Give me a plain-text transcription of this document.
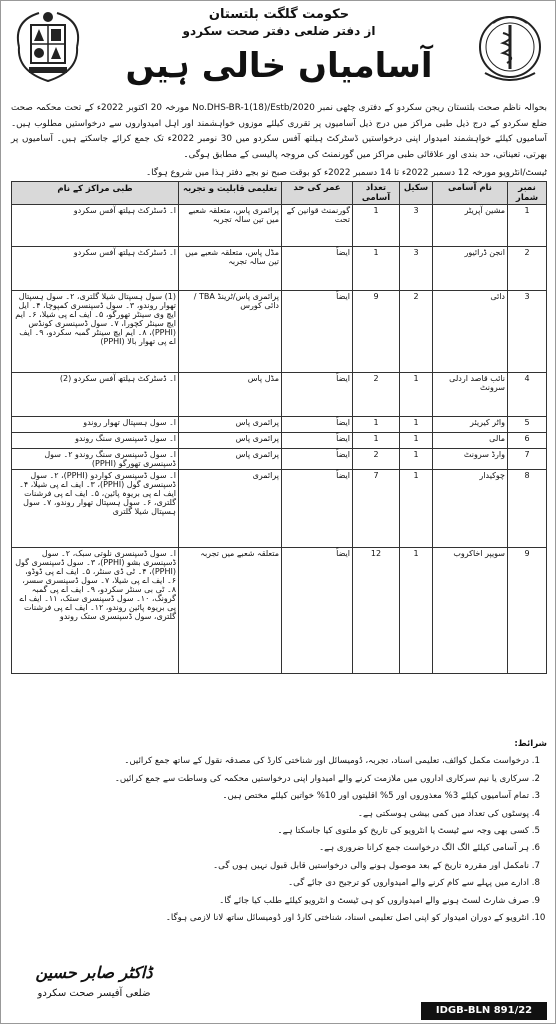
حکومت گلگت بلتستان
از دفتر ضلعی دفتر صحت سکردو
آسامیاں خالی ہیں

بحوالہ ناظم صحت بلتستان ریجن سکردو کے دفتری چٹھی نمبر No.DHS-BR-1(18)/Estb/2020 مورخہ 20 اکتوبر 2022ء کے تحت محکمہ صحت ضلع سکردو کے درج ذیل طبی مراکز میں درج ذیل آسامیوں پر تقرری کیلئے موزوں خواہشمند اور اہل امیدواروں سے درخواستیں مطلوب ہیں۔ آسامیوں کیلئے خواہشمند امیدوار اپنی درخواستیں ڈسٹرکٹ ہیلتھ آفس سکردو میں 30 نومبر 2022ء تک جمع کرائے جاسکتے ہیں۔ آسامیوں پر بھرتی، تعیناتی، حد بندی اور علاقائی طبی مراکز میں گورنمنٹ کی مروجہ پالیسی کے مطابق ہوگی۔

ٹیسٹ/انٹرویو مورخہ 12 دسمبر 2022ء تا 14 دسمبر 2022ء کو بوقت صبح نو بجے دفتر ہذا میں شروع ہوگا۔
نمبر شمار	نام آسامی	سکیل	تعداد آسامی	عمر کی حد	تعلیمی قابلیت و تجربہ	طبی مراکز کے نام
1	مشین آپریٹر	3	1	گورنمنٹ قوانین کے تحت	پرائمری پاس، متعلقہ شعبے میں تین سالہ تجربہ	ا۔ ڈسٹرکٹ ہیلتھ آفس سکردو
2	انجن ڈرائیور	3	1	ایضاً	مڈل پاس، متعلقہ شعبے میں تین سالہ تجربہ	ا۔ ڈسٹرکٹ ہیلتھ آفس سکردو
3	دائی	2	9	ایضاً	پرائمری پاس/ٹرینڈ TBA / دائی کورس	(1) سول ہسپتال شیلا گلتری، ۲۔ سول ہسپتال تھوار روندو، ۳۔ سول ڈسپنسری کمپوچا، ۴۔ ایل ایچ وی سینٹر تھورگو، ۵۔ ایف اے پی شیلا، ۶۔ ایم ایچ سینٹر کچورا، ۷۔ سول ڈسپنسری کونڈس (PPHI)، ۸۔ ایم ایچ سینٹر گمبہ سکردو، ۹۔ ایف اے پی تھوار بالا (PPHI)
4	نائب قاصد اردلی سرونٹ	1	2	ایضاً	مڈل پاس	ا۔ ڈسٹرکٹ ہیلتھ آفس سکردو (2)
5	واٹر کیریئر	1	1	ایضاً	پرائمری پاس	ا۔ سول ہسپتال تھوار روندو
6	مالی	1	1	ایضاً	پرائمری پاس	ا۔ سول ڈسپنسری سنگ روندو
7	وارڈ سرونٹ	1	2	ایضاً	پرائمری پاس	ا۔ سول ڈسپنسری سنگ روندو ۲۔ سول ڈسپنسری تھورگو (PPHI)
8	چوکیدار	1	7	ایضاً	پرائمری	ا۔ سول ڈسپنسری کواردو (PPHI)، ۲۔ سول ڈسپنسری گول (PPHI)، ۳۔ ایف اے پی شیلا، ۴۔ ایف اے پی بریوہ پائین، ۵۔ ایف اے پی فرشنات گلتری، ۶۔ سول ہسپتال تھوار روندو، ۷۔ سول ہسپتال شیلا گلتری
9	سویپر اخاکروب	1	12	ایضاً	متعلقہ شعبے میں تجربہ	ا۔ سول ڈسپنسری نلوتی سبک، ۲۔ سول ڈسپنسری بشو (PPHI)، ۳۔ سول ڈسپنسری گول (PPHI)، ۴۔ ٹی ڈی سنٹر، ۵۔ ایف اے پی ڈوڈو، ۶۔ ایف اے پی شیلا، ۷۔ سول ڈسپنسری سسر، ۸۔ ٹی بی سنٹر سکردو، ۹۔ ایف اے پی گمبہ گرونگ، ۱۰۔ سول ڈسپنسری ستک، ۱۱۔ ایف اے پی بریوہ پائین روندو، ۱۲۔ ایف اے پی فرشنات گلتری، سول ڈسپنسری ستک روندو
شرائط:
1. درخواست مکمل کوائف، تعلیمی اسناد، تجربہ، ڈومیسائل اور شناختی کارڈ کی مصدقہ نقول کے ساتھ جمع کرائیں۔
2. سرکاری یا نیم سرکاری اداروں میں ملازمت کرنے والے امیدوار اپنی درخواستیں محکمہ کی وساطت سے جمع کرائیں۔
3. تمام آسامیوں کیلئے 3% معذوروں اور 5% اقلیتوں اور 10% خواتین کیلئے مختص ہیں۔
4. پوسٹوں کی تعداد میں کمی بیشی ہوسکتی ہے۔
5. کسی بھی وجہ سے ٹیسٹ یا انٹرویو کی تاریخ کو ملتوی کیا جاسکتا ہے۔
6. ہر آسامی کیلئے الگ الگ درخواست جمع کرانا ضروری ہے۔
7. نامکمل اور مقررہ تاریخ کے بعد موصول ہونے والی درخواستیں قابل قبول نہیں ہوں گی۔
8. ادارے میں پہلے سے کام کرنے والے امیدواروں کو ترجیح دی جائے گی۔
9. صرف شارٹ لسٹ ہونے والے امیدواروں کو ہی ٹیسٹ و انٹرویو کیلئے طلب کیا جائے گا۔
10. انٹرویو کے دوران امیدوار کو اپنی اصل تعلیمی اسناد، شناختی کارڈ اور ڈومیسائل ساتھ لانا لازمی ہوگا۔
ڈاکٹر صابر حسین
ضلعی آفیسر صحت سکردو
IDGB-BLN 891/22
